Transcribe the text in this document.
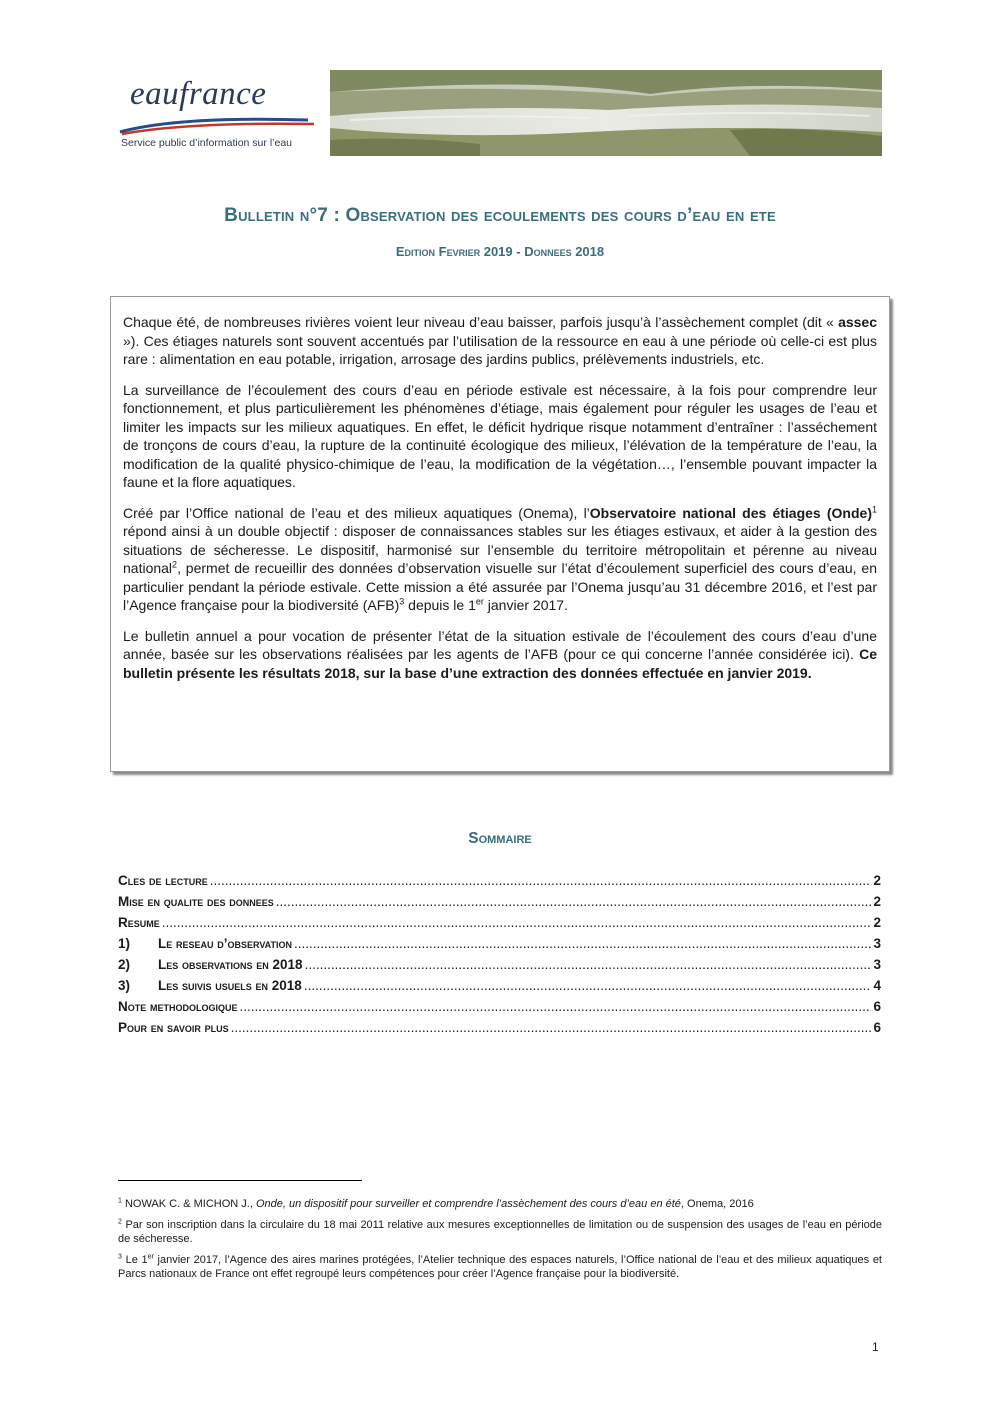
eaufrance
Service public d’information sur l’eau
Bulletin n°7 : Observation des ecoulements des cours d’eau en ete
Edition Fevrier 2019 - Donnees 2018

Chaque été, de nombreuses rivières voient leur niveau d’eau baisser, parfois jusqu’à l’assèchement complet (dit « assec »). Ces étiages naturels sont souvent accentués par l’utilisation de la ressource en eau à une période où celle-ci est plus rare : alimentation en eau potable, irrigation, arrosage des jardins publics, prélèvements industriels, etc.

La surveillance de l’écoulement des cours d’eau en période estivale est nécessaire, à la fois pour comprendre leur fonctionnement, et plus particulièrement les phénomènes d’étiage, mais également pour réguler les usages de l’eau et limiter les impacts sur les milieux aquatiques. En effet, le déficit hydrique risque notamment d’entraîner : l’asséchement de tronçons de cours d’eau, la rupture de la continuité écologique des milieux, l’élévation de la température de l’eau, la modification de la qualité physico-chimique de l’eau, la modification de la végétation…, l’ensemble pouvant impacter la faune et la flore aquatiques.

Créé par l’Office national de l’eau et des milieux aquatiques (Onema), l’Observatoire national des étiages (Onde)$^1$ répond ainsi à un double objectif : disposer de connaissances stables sur les étiages estivaux, et aider à la gestion des situations de sécheresse. Le dispositif, harmonisé sur l’ensemble du territoire métropolitain et pérenne au niveau national$^2$, permet de recueillir des données d’observation visuelle sur l’état d’écoulement superficiel des cours d’eau, en particulier pendant la période estivale. Cette mission a été assurée par l’Onema jusqu’au 31 décembre 2016, et l’est par l’Agence française pour la biodiversité (AFB)$^3$ depuis le 1er janvier 2017.

Le bulletin annuel a pour vocation de présenter l’état de la situation estivale de l’écoulement des cours d’eau d’une année, basée sur les observations réalisées par les agents de l’AFB (pour ce qui concerne l’année considérée ici). Ce bulletin présente les résultats 2018, sur la base d’une extraction des données effectuée en janvier 2019.

Sommaire
Cles de lecture .....	2
Mise en qualite des donnees .....	2
Resume .....	2
1)	Le reseau d’observation .....	3
2)	Les observations en 2018 .....	3
3)	Les suivis usuels en 2018 .....	4
Note methodologique .....	6
Pour en savoir plus .....	6

$^1$ NOWAK C. & MICHON J., Onde, un dispositif pour surveiller et comprendre l’assèchement des cours d’eau en été, Onema, 2016

$^2$ Par son inscription dans la circulaire du 18 mai 2011 relative aux mesures exceptionnelles de limitation ou de suspension des usages de l’eau en période de sécheresse.

$^3$ Le 1er janvier 2017, l’Agence des aires marines protégées, l’Atelier technique des espaces naturels, l’Office national de l’eau et des milieux aquatiques et Parcs nationaux de France ont effet regroupé leurs compétences pour créer l’Agence française pour la biodiversité.

1
